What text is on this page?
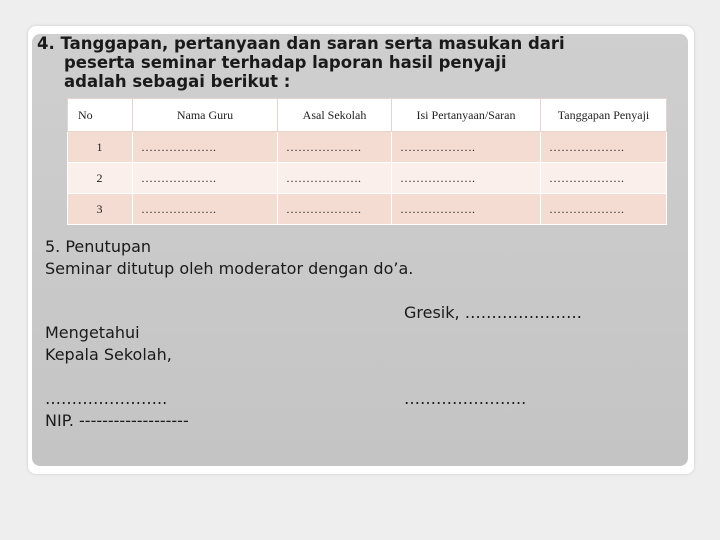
4. Tanggapan, pertanyaan dan saran serta masukan dari
peserta seminar terhadap laporan hasil penyaji
adalah sebagai berikut :
No	Nama Guru	Asal Sekolah	Isi Pertanyaan/Saran	Tanggapan Penyaji
1	……………….	……………….	……………….	……………….
2	……………….	……………….	……………….	……………….
3	……………….	……………….	……………….	……………….
5. Penutupan
Seminar ditutup oleh moderator dengan do’a.
Gresik, ………………….
Mengetahui
Kepala Sekolah,
…………………..
NIP. -------------------
…………………..
